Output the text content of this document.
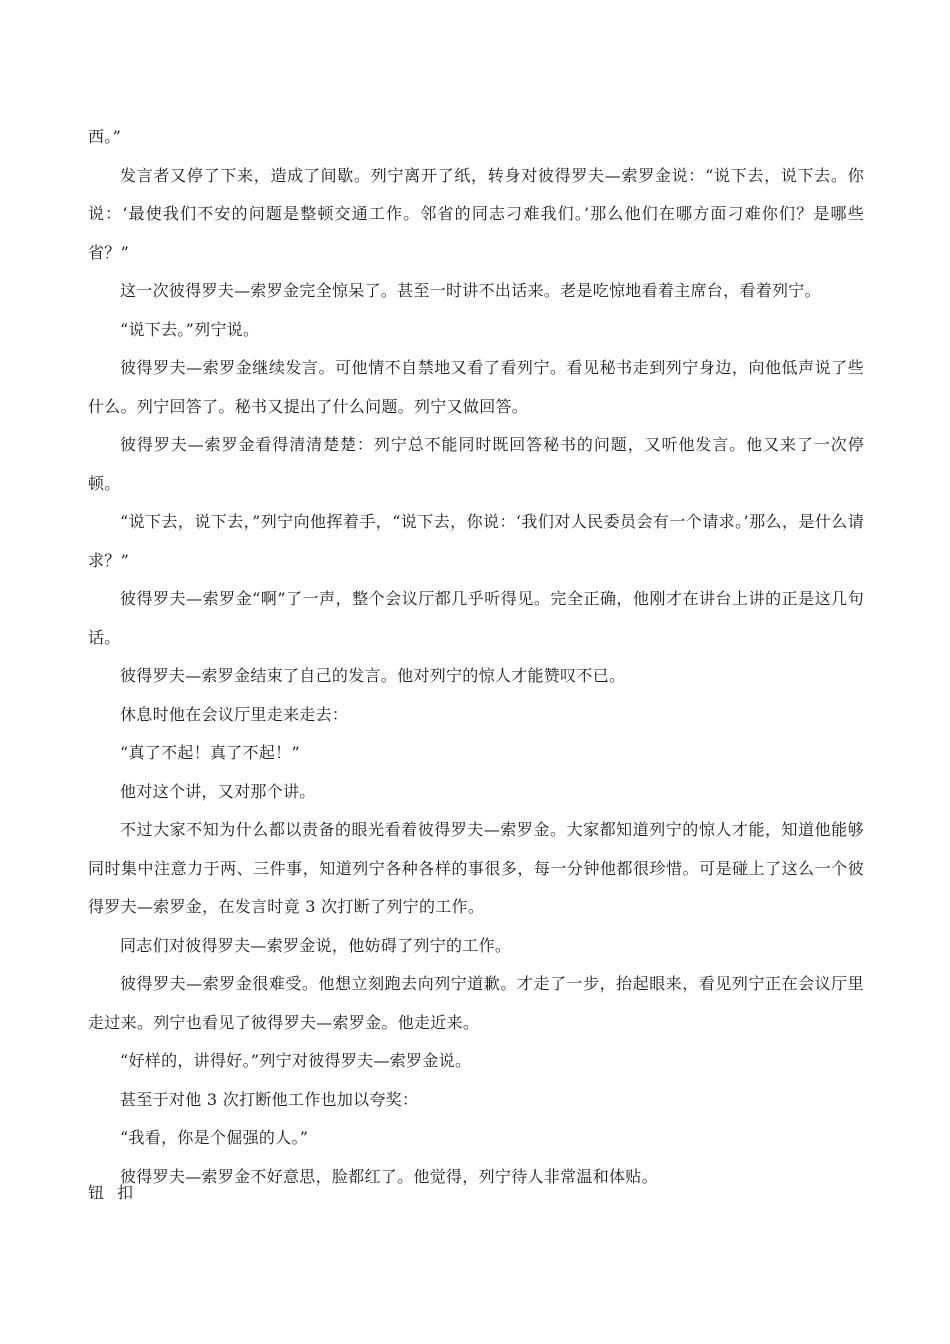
西。”

发言者又停了下来，造成了间歇。列宁离开了纸，转身对彼得罗夫—索罗金说：“说下去，说下去。你说：‘最使我们不安的问题是整顿交通工作。邻省的同志刁难我们。’那么他们在哪方面刁难你们？是哪些省？”

这一次彼得罗夫—索罗金完全惊呆了。甚至一时讲不出话来。老是吃惊地看着主席台，看着列宁。

“说下去。”列宁说。

彼得罗夫—索罗金继续发言。可他情不自禁地又看了看列宁。看见秘书走到列宁身边，向他低声说了些什么。列宁回答了。秘书又提出了什么问题。列宁又做回答。

彼得罗夫—索罗金看得清清楚楚：列宁总不能同时既回答秘书的问题，又听他发言。他又来了一次停顿。

“说下去，说下去，”列宁向他挥着手，“说下去，你说：‘我们对人民委员会有一个请求。’那么，是什么请求？”

彼得罗夫—索罗金“啊”了一声，整个会议厅都几乎听得见。完全正确，他刚才在讲台上讲的正是这几句话。

彼得罗夫—索罗金结束了自己的发言。他对列宁的惊人才能赞叹不已。

休息时他在会议厅里走来走去：

“真了不起！真了不起！”

他对这个讲，又对那个讲。

不过大家不知为什么都以责备的眼光看着彼得罗夫—索罗金。大家都知道列宁的惊人才能，知道他能够同时集中注意力于两、三件事，知道列宁各种各样的事很多，每一分钟他都很珍惜。可是碰上了这么一个彼得罗夫—索罗金，在发言时竟 3 次打断了列宁的工作。

同志们对彼得罗夫—索罗金说，他妨碍了列宁的工作。

彼得罗夫—索罗金很难受。他想立刻跑去向列宁道歉。才走了一步，抬起眼来，看见列宁正在会议厅里走过来。列宁也看见了彼得罗夫—索罗金。他走近来。

“好样的，讲得好。”列宁对彼得罗夫—索罗金说。

甚至于对他 3 次打断他工作也加以夸奖：

“我看，你是个倔强的人。”

彼得罗夫—索罗金不好意思，脸都红了。他觉得，列宁待人非常温和体贴。

钮 扣
